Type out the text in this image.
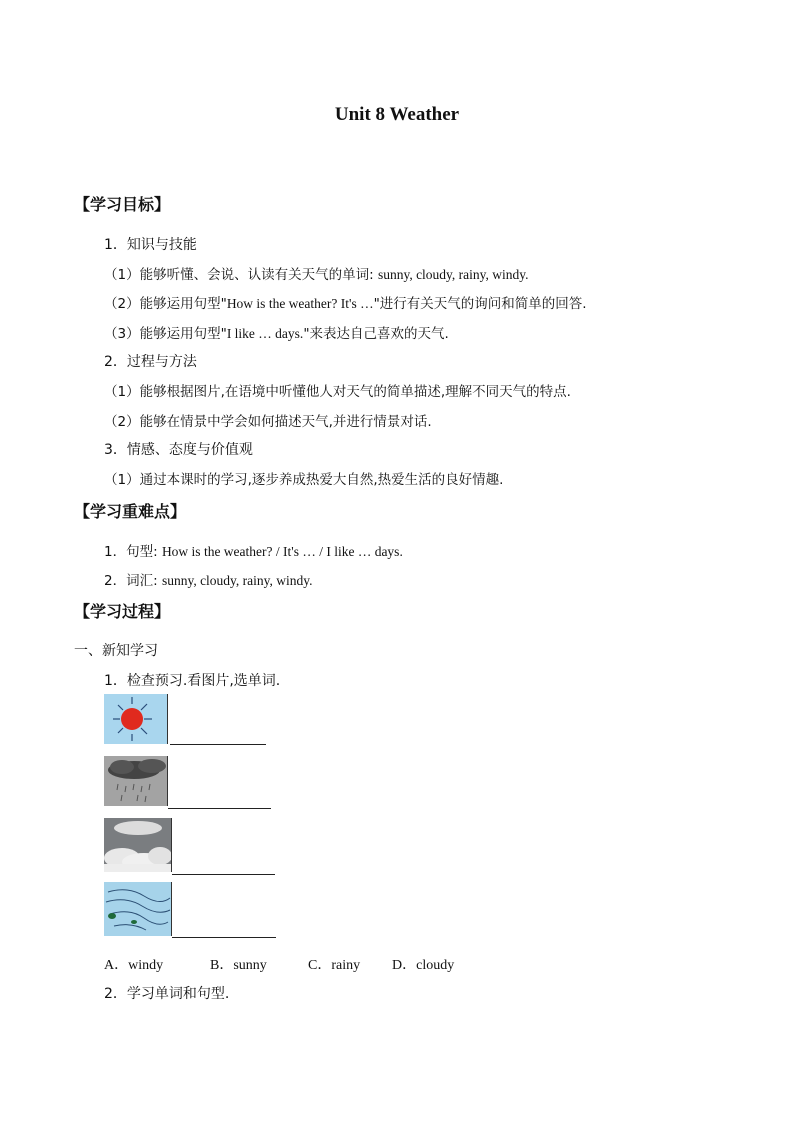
Unit 8 Weather
【学习目标】
1．知识与技能
（1）能够听懂、会说、认读有关天气的单词: sunny, cloudy, rainy, windy.
（2）能够运用句型"How is the weather? It's …"进行有关天气的询问和简单的回答.
（3）能够运用句型"I like … days."来表达自己喜欢的天气.
2．过程与方法
（1）能够根据图片,在语境中听懂他人对天气的简单描述,理解不同天气的特点.
（2）能够在情景中学会如何描述天气,并进行情景对话.
3．情感、态度与价值观
（1）通过本课时的学习,逐步养成热爱大自然,热爱生活的良好情趣.
【学习重难点】
1．句型: How is the weather? / It's … / I like … days.
2．词汇: sunny, cloudy, rainy, windy.
【学习过程】
一、新知学习
1．检查预习.看图片,选单词.
A．windy	B．sunny	C．rainy D．cloudy
2．学习单词和句型.
